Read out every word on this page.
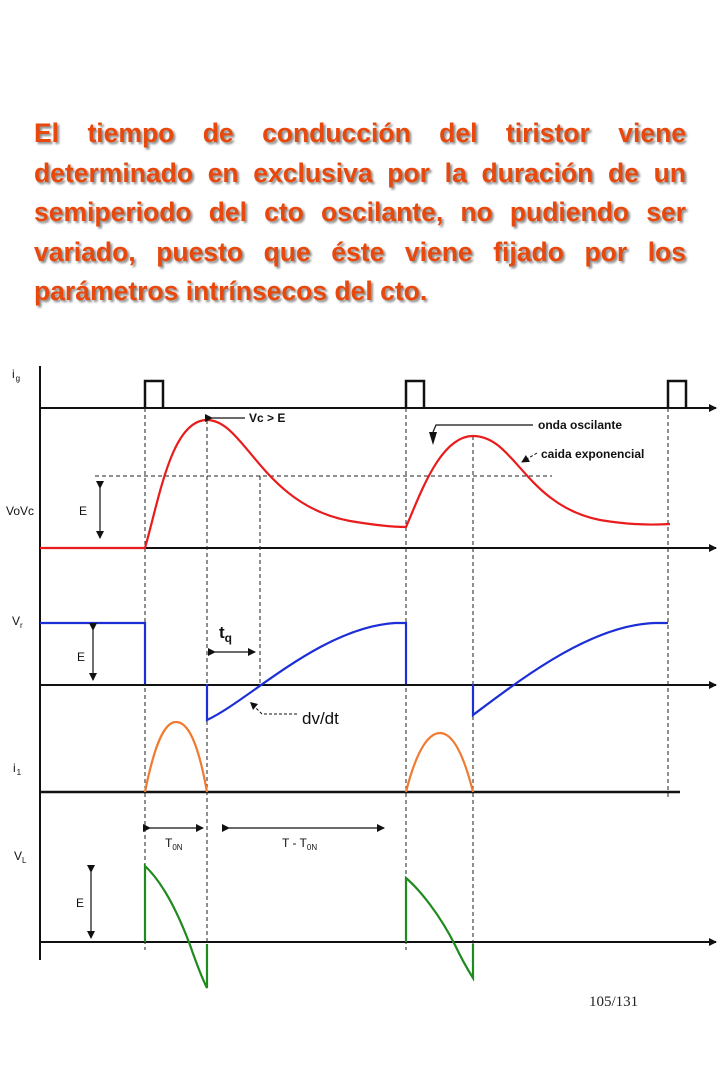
El tiempo de conducción del tiristor viene determinado en exclusiva por la duración de un semiperiodo del cto oscilante, no pudiendo ser variado, puesto que éste viene fijado por los parámetros intrínsecos del cto.
$i_g$
VoVc
$V_r$
$i_1$
$V_L$
E
E
E
Vc > E	onda oscilante
caida exponencial
$t_q$
dv/dt
$T_{0N}$	T - $T_{0N}$
105/131
